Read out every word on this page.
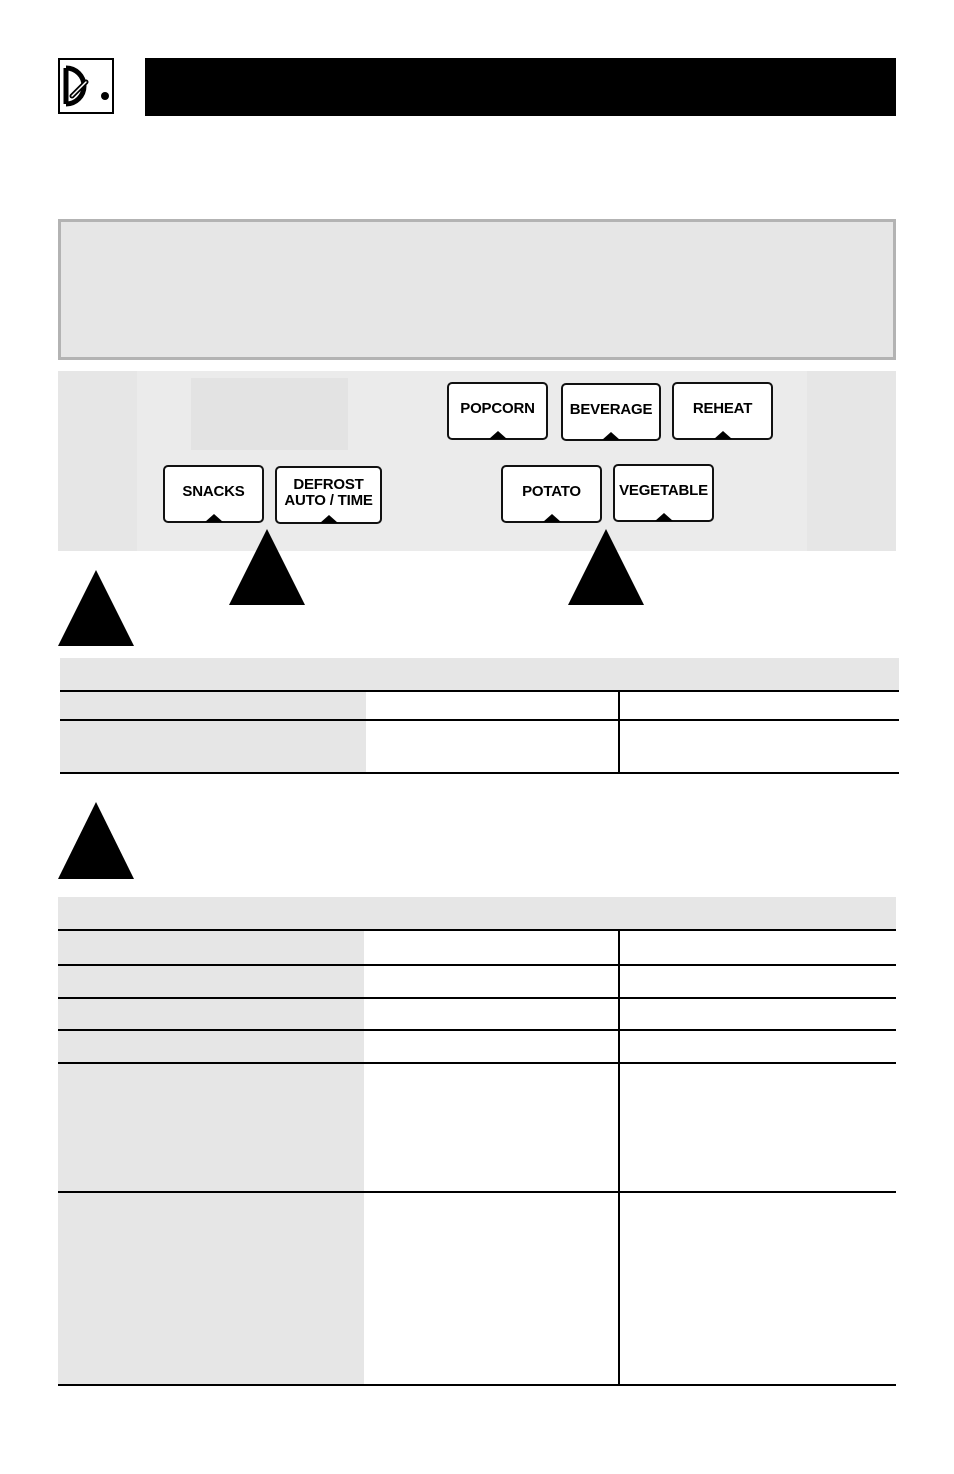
POPCORN BEVERAGE	REHEAT
SNACKS	DEFROST
AUTO / TIME
POTATO	VEGETABLE
